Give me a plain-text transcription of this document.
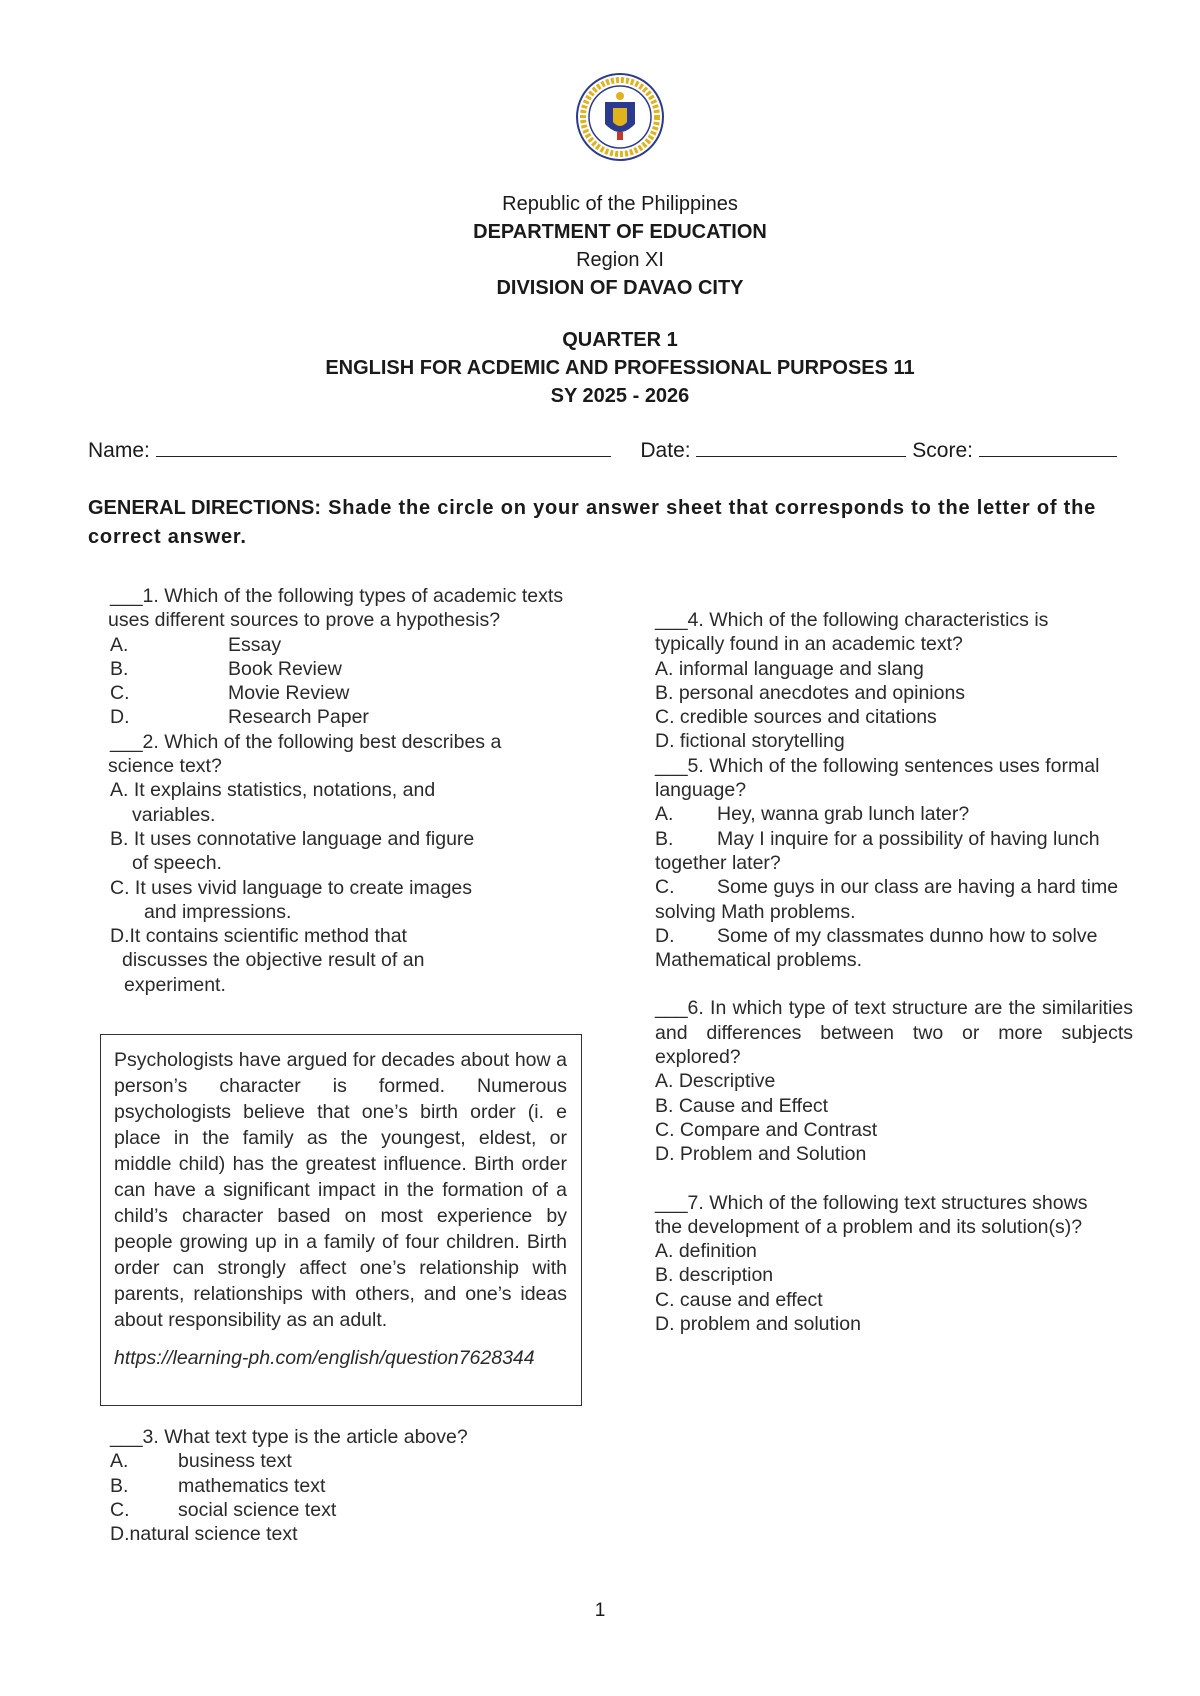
Republic of the Philippines
DEPARTMENT OF EDUCATION
Region XI
DIVISION OF DAVAO CITY
QUARTER 1
ENGLISH FOR ACDEMIC AND PROFESSIONAL PURPOSES 11
SY 2025 - 2026
Name:	Date:	Score:
GENERAL DIRECTIONS: Shade the circle on your answer sheet that corresponds to the letter of the correct answer.
___1. Which of the following types of academic texts
uses different sources to prove a hypothesis?
A.	Essay
B.	Book Review
C.	Movie Review
D.	Research Paper
___2. Which of the following best describes a
science text?
A. It explains statistics, notations, and
variables.
B. It uses connotative language and figure
of speech.
C. It uses vivid language to create images
and impressions.
D.It contains scientific method that
discusses the objective result of an
experiment.
Psychologists have argued for decades about how a person’s character is formed. Numerous psychologists believe that one’s birth order (i. e place in the family as the youngest, eldest, or middle child) has the greatest influence. Birth order can have a significant impact in the formation of a child’s character based on most experience by people growing up in a family of four children. Birth order can strongly affect one’s relationship with parents, relationships with others, and one’s ideas about responsibility as an adult.
https://learning-ph.com/english/question7628344
___3. What text type is the article above?
A.	business text
B.	mathematics text
C.	social science text
D.natural science text
___4. Which of the following characteristics is
typically found in an academic text?
A. informal language and slang
B. personal anecdotes and opinions
C. credible sources and citations
D. fictional storytelling
___5. Which of the following sentences uses formal language?
A. Hey, wanna grab lunch later?
B. May I inquire for a possibility of having lunch together later?
C. Some guys in our class are having a hard time solving Math problems.
D. Some of my classmates dunno how to solve Mathematical problems.
___6. In which type of text structure are the similarities and differences between two or more subjects explored?
A. Descriptive
B. Cause and Effect
C. Compare and Contrast
D. Problem and Solution
___7. Which of the following text structures shows
the development of a problem and its solution(s)?
A. definition
B. description
C. cause and effect
D. problem and solution
1
